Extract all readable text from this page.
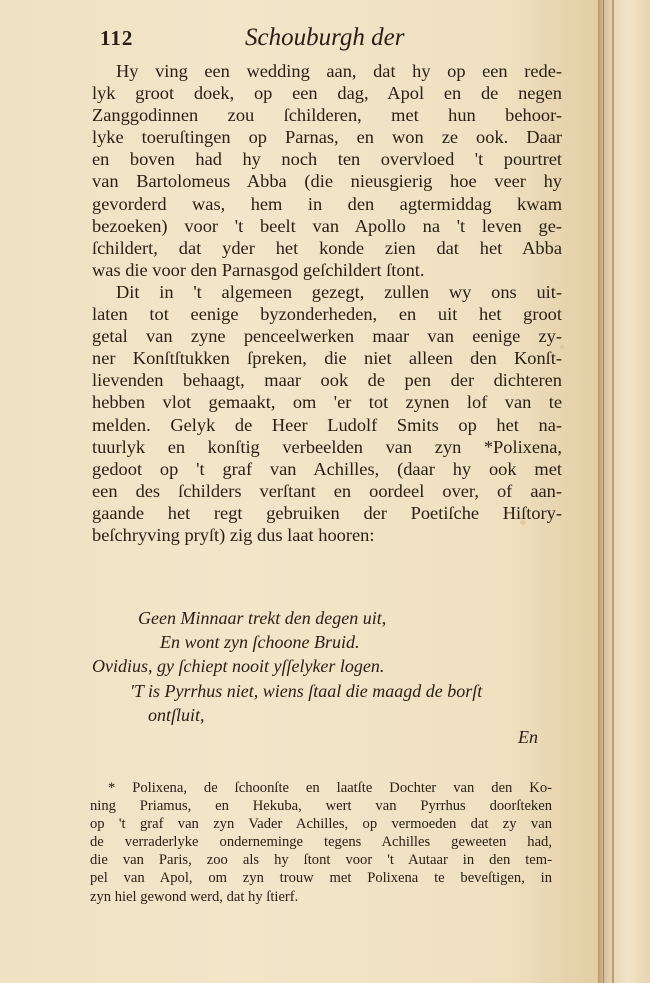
112	Schouburgh der
Hy ving een wedding aan, dat hy op een rede-
lyk groot doek, op een dag, Apol en de negen
Zanggodinnen zou ſchilderen, met hun behoor-
lyke toeruſtingen op Parnas, en won ze ook. Daar
en boven had hy noch ten overvloed 't pourtret
van Bartolomeus Abba (die nieusgierig hoe veer hy
gevorderd was, hem in den agtermiddag kwam
bezoeken) voor 't beelt van Apollo na 't leven ge-
ſchildert, dat yder het konde zien dat het Abba
was die voor den Parnasgod geſchildert ſtont.
Dit in 't algemeen gezegt, zullen wy ons uit-
laten tot eenige byzonderheden, en uit het groot
getal van zyne penceelwerken maar van eenige zy-
ner Konſtſtukken ſpreken, die niet alleen den Konſt-
lievenden behaagt, maar ook de pen der dichteren
hebben vlot gemaakt, om 'er tot zynen lof van te
melden. Gelyk de Heer Ludolf Smits op het na-
tuurlyk en konſtig verbeelden van zyn *Polixena,
gedoot op 't graf van Achilles, (daar hy ook met
een des ſchilders verſtant en oordeel over, of aan-
gaande het regt gebruiken der Poetiſche Hiſtory-
beſchryving pryſt) zig dus laat hooren:
Geen Minnaar trekt den degen uit,
En wont zyn ſchoone Bruid.
Ovidius, gy ſchiept nooit yſſelyker logen.
'T is Pyrrhus niet, wiens ſtaal die maagd de borſt
ontſluit,
En
* Polixena, de ſchoonſte en laatſte Dochter van den Ko-
ning Priamus, en Hekuba, wert van Pyrrhus doorſteken
op 't graf van zyn Vader Achilles, op vermoeden dat zy van
de verraderlyke ondernemingе tegens Achilles geweeten had,
die van Paris, zoo als hy ſtont voor 't Autaar in den tem-
pel van Apol, om zyn trouw met Polixena te beveſtigen, in
zyn hiel gewond werd, dat hy ſtierf.
